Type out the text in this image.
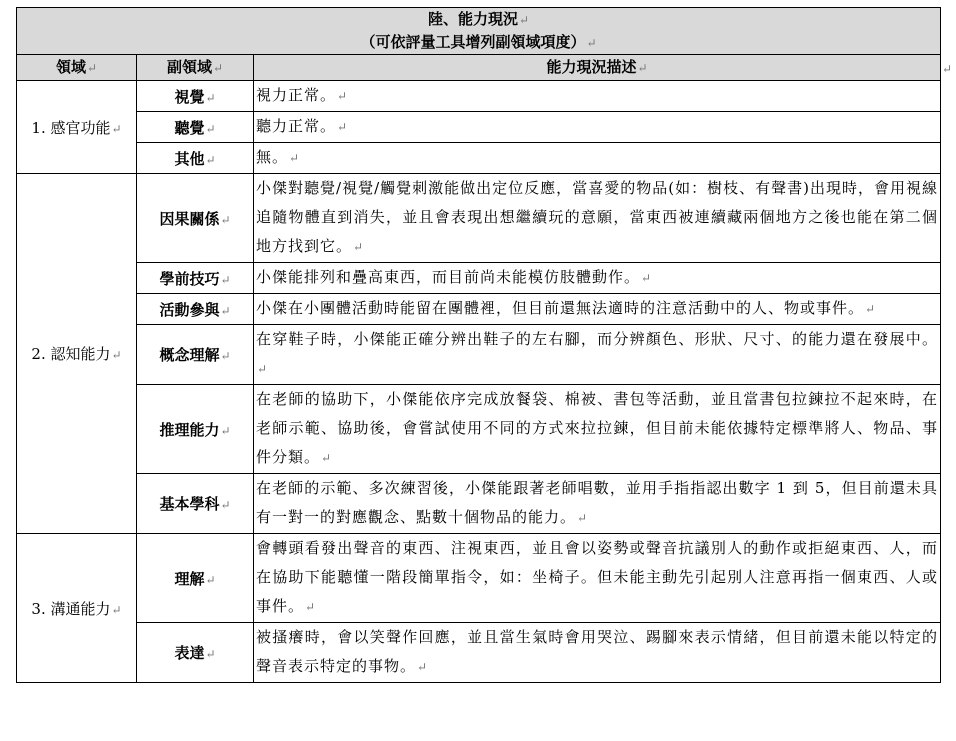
↵
陸、能力現況↵
（可依評量工具增列副領域項度）↵		

領域↵	副領域↵	能力現況描述↵
1. 感官功能↵	視覺↵	視力正常。↵
	聽覺↵	聽力正常。↵
	其他↵	無。↵
2. 認知能力↵	因果關係↵	小傑對聽覺/視覺/觸覺刺激能做出定位反應，當喜愛的物品(如：樹枝、有聲書)出現時，會用視線追隨物體直到消失，並且會表現出想繼續玩的意願，當東西被連續藏兩個地方之後也能在第二個地方找到它。↵
	學前技巧↵	小傑能排列和疊高東西，而目前尚未能模仿肢體動作。↵
	活動參與↵	小傑在小團體活動時能留在團體裡，但目前還無法適時的注意活動中的人、物或事件。↵
	概念理解↵	在穿鞋子時，小傑能正確分辨出鞋子的左右腳，而分辨顏色、形狀、尺寸、的能力還在發展中。↵
	推理能力↵	在老師的協助下，小傑能依序完成放餐袋、棉被、書包等活動，並且當書包拉鍊拉不起來時，在老師示範、協助後，會嘗試使用不同的方式來拉拉鍊，但目前未能依據特定標準將人、物品、事件分類。↵
	基本學科↵	在老師的示範、多次練習後，小傑能跟著老師唱數，並用手指指認出數字 1 到 5，但目前還未具有一對一的對應觀念、點數十個物品的能力。↵
3. 溝通能力↵	理解↵	會轉頭看發出聲音的東西、注視東西，並且會以姿勢或聲音抗議別人的動作或拒絕東西、人，而在協助下能聽懂一階段簡單指令，如：坐椅子。但未能主動先引起別人注意再指一個東西、人或事件。↵
	表達↵	被搔癢時，會以笑聲作回應，並且當生氣時會用哭泣、踢腳來表示情緒，但目前還未能以特定的聲音表示特定的事物。↵
